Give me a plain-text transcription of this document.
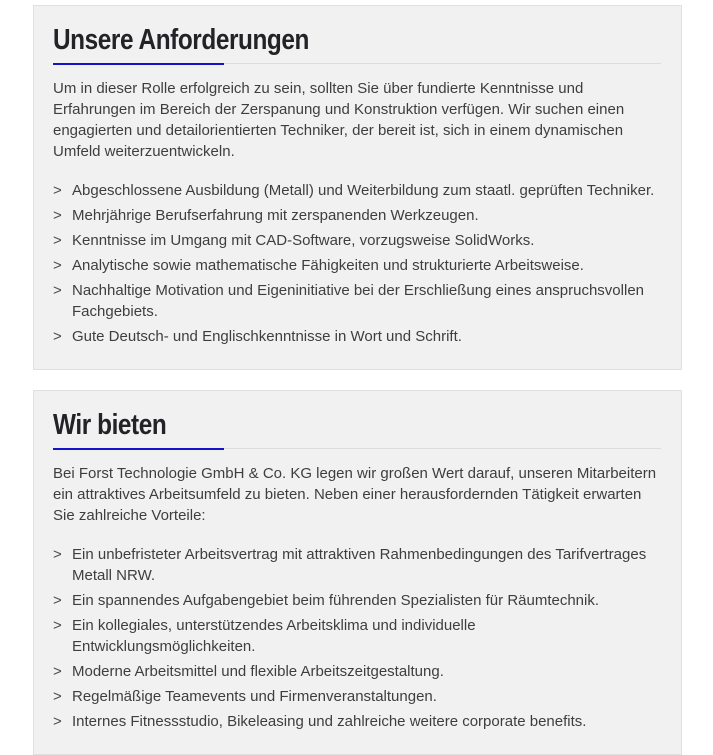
Unsere Anforderungen

Um in dieser Rolle erfolgreich zu sein, sollten Sie über fundierte Kenntnisse und Erfahrungen im Bereich der Zerspanung und Konstruktion verfügen. Wir suchen einen engagierten und detailorientierten Techniker, der bereit ist, sich in einem dynamischen Umfeld weiterzuentwickeln.

> Abgeschlossene Ausbildung (Metall) und Weiterbildung zum staatl. geprüften Techniker.
> Mehrjährige Berufserfahrung mit zerspanenden Werkzeugen.
> Kenntnisse im Umgang mit CAD-Software, vorzugsweise SolidWorks.
> Analytische sowie mathematische Fähigkeiten und strukturierte Arbeitsweise.
> Nachhaltige Motivation und Eigeninitiative bei der Erschließung eines anspruchsvollen Fachgebiets.
> Gute Deutsch- und Englischkenntnisse in Wort und Schrift.
Wir bieten

Bei Forst Technologie GmbH & Co. KG legen wir großen Wert darauf, unseren Mitarbeitern ein attraktives Arbeitsumfeld zu bieten. Neben einer herausfordernden Tätigkeit erwarten Sie zahlreiche Vorteile:

> Ein unbefristeter Arbeitsvertrag mit attraktiven Rahmenbedingungen des Tarifvertrages Metall NRW.
> Ein spannendes Aufgabengebiet beim führenden Spezialisten für Räumtechnik.
> Ein kollegiales, unterstützendes Arbeitsklima und individuelle Entwicklungsmöglichkeiten.
> Moderne Arbeitsmittel und flexible Arbeitszeitgestaltung.
> Regelmäßige Teamevents und Firmenveranstaltungen.
> Internes Fitnessstudio, Bikeleasing und zahlreiche weitere corporate benefits.
